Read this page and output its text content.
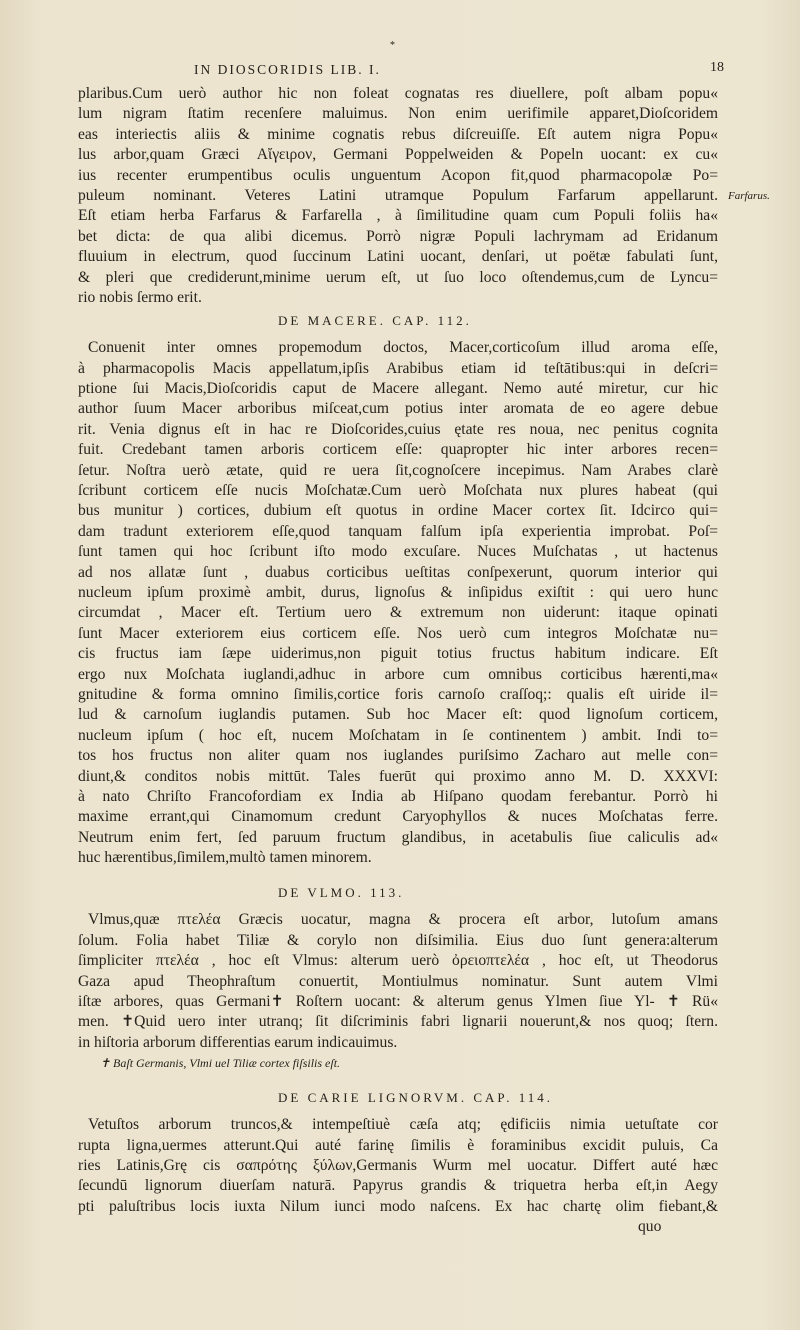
*
IN DIOSCORIDIS LIB. I.	18
plaribus.Cum uerò author hic non foleat cognatas res diuellere, poſt albam popu«
lum nigram ſtatim recenſere maluimus. Non enim uerifimile apparet,Dioſcoridem
eas interiectis aliis & minime cognatis rebus diſcreuiſſe. Eſt autem nigra Popu«
lus arbor,quam Græci Αἴγειρον, Germani Poppelweiden & Popeln uocant: ex cu«
ius recenter erumpentibus oculis unguentum Acopon fit,quod pharmacopolæ Po=
puleum nominant. Veteres Latini utramque Populum Farfarum appellarunt. Farfarus.
Eſt etiam herba Farfarus & Farfarella , à ſimilitudine quam cum Populi foliis ha«
bet dicta: de qua alibi dicemus. Porrò nigræ Populi lachrymam ad Eridanum
fluuium in electrum, quod ſuccinum Latini uocant, denſari, ut poëtæ fabulati ſunt,
& pleri que crediderunt,minime uerum eſt, ut ſuo loco oſtendemus,cum de Lyncu=
rio nobis ſermo erit.
DE MACERE. CAP. 112.
Conuenit inter omnes propemodum doctos, Macer,corticoſum illud aroma eſſe,
à pharmacopolis Macis appellatum,ipſis Arabibus etiam id teſtātibus:qui in deſcri=
ptione ſui Macis,Dioſcoridis caput de Macere allegant. Nemo auté miretur, cur hic
author ſuum Macer arboribus miſceat,cum potius inter aromata de eo agere debue
rit. Venia dignus eſt in hac re Dioſcorides,cuius ętate res noua, nec penitus cognita
fuit. Credebant tamen arboris corticem eſſe: quapropter hic inter arbores recen=
ſetur. Noſtra uerò ætate, quid re uera ſit,cognoſcere incepimus. Nam Arabes clarè
ſcribunt corticem eſſe nucis Moſchatæ.Cum uerò Moſchata nux plures habeat (qui
bus munitur ) cortices, dubium eſt quotus in ordine Macer cortex ſit. Idcirco qui=
dam tradunt exteriorem eſſe,quod tanquam falſum ipſa experientia improbat. Poſ=
ſunt tamen qui hoc ſcribunt iſto modo excuſare. Nuces Muſchatas , ut hactenus
ad nos allatæ ſunt , duabus corticibus ueſtitas conſpexerunt, quorum interior qui
nucleum ipſum proximè ambit, durus, lignoſus & inſipidus exiſtit : qui uero hunc
circumdat , Macer eſt. Tertium uero & extremum non uiderunt: itaque opinati
ſunt Macer exteriorem eius corticem eſſe. Nos uerò cum integros Moſchatæ nu=
cis fructus iam ſæpe uiderimus,non piguit totius fructus habitum indicare. Eſt
ergo nux Moſchata iuglandi,adhuc in arbore cum omnibus corticibus hærenti,ma«
gnitudine & forma omnino ſimilis,cortice foris carnoſo craſſoq;: qualis eſt uiride il=
lud & carnoſum iuglandis putamen. Sub hoc Macer eſt: quod lignoſum corticem,
nucleum ipſum ( hoc eſt, nucem Moſchatam in ſe continentem ) ambit. Indi to=
tos hos fructus non aliter quam nos iuglandes puriſsimo Zacharo aut melle con=
diunt,& conditos nobis mittūt. Tales fuerūt qui proximo anno M. D. XXXVI:
à nato Chriſto Francofordiam ex India ab Hiſpano quodam ferebantur. Porrò hi
maxime errant,qui Cinamomum credunt Caryophyllos & nuces Moſchatas ferre.
Neutrum enim fert, ſed paruum fructum glandibus, in acetabulis ſiue caliculis ad«
huc hærentibus,ſimilem,multò tamen minorem.
DE VLMO. 113.
Vlmus,quæ πτελέα Græcis uocatur, magna & procera eſt arbor, lutoſum amans
ſolum. Folia habet Tiliæ & corylo non diſsimilia. Eius duo ſunt genera:alterum
ſimpliciter πτελέα , hoc eſt Vlmus: alterum uerò ὀρειοπτελέα , hoc eſt, ut Theodorus
Gaza apud Theophraſtum conuertit, Montiulmus nominatur. Sunt autem Vlmi
iſtæ arbores, quas Germani✝ Roſtern uocant: & alterum genus Ylmen ſiue Yl- ✝ Rü«
men. ✝Quid uero inter utranq; ſit diſcriminis fabri lignarii nouerunt,& nos quoq; ſtern.
in hiſtoria arborum differentias earum indicauimus.
✝ Baſt Germanis, Vlmi uel Tiliæ cortex fiſsilis eſt.
DE CARIE LIGNORVM. CAP. 114.
Vetuſtos arborum truncos,& intempeſtiuè cæſa atq; ędificiis nimia uetuſtate cor
rupta ligna,uermes atterunt.Qui auté farinę ſimilis è foraminibus excidit puluis, Ca
ries Latinis,Grę cis σαπρότης ξύλων,Germanis Wurm mel uocatur. Differt auté hæc
ſecundū lignorum diuerſam naturā. Papyrus grandis & triquetra herba eſt,in Aegy
pti paluſtribus locis iuxta Nilum iunci modo naſcens. Ex hac chartę olim fiebant,&
quo
